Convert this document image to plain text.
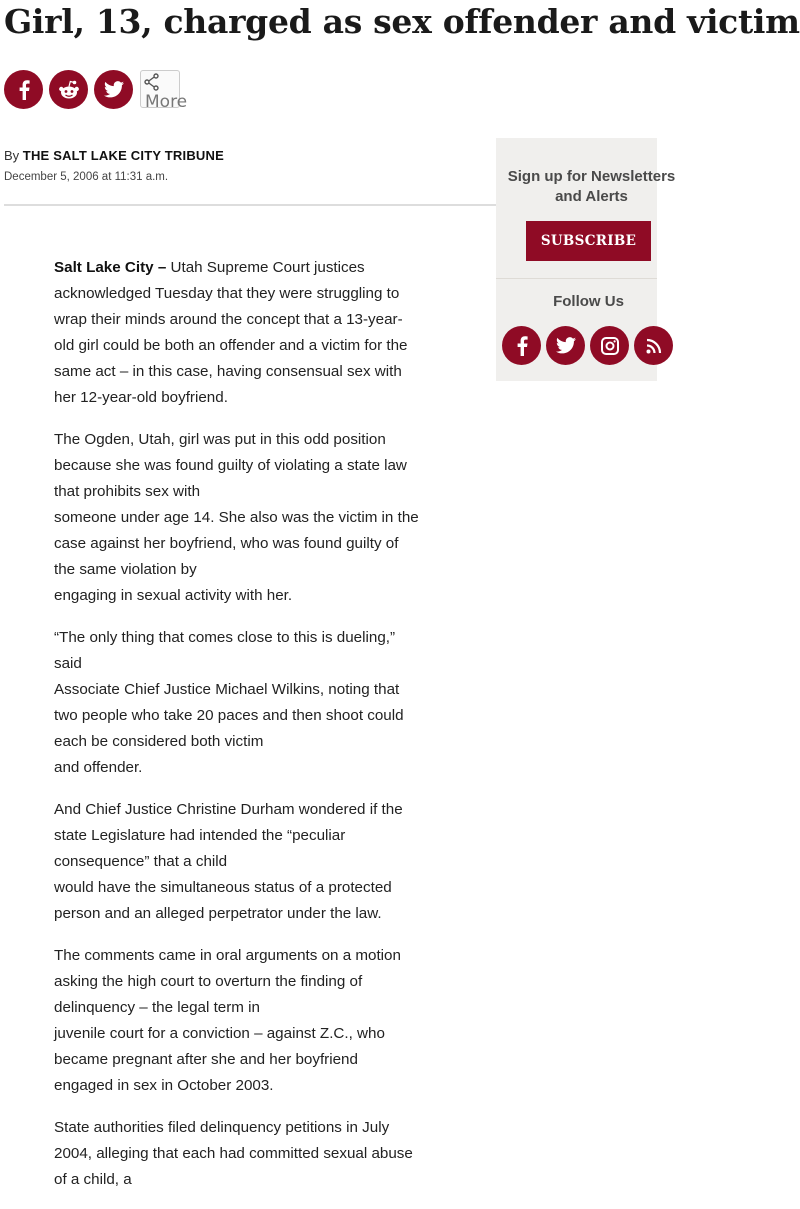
Girl, 13, charged as sex offender and victim
More
By THE SALT LAKE CITY TRIBUNE
December 5, 2006 at 11:31 a.m.	Sign up for Newsletters
and Alerts
SUBSCRIBE
Follow Us

Salt Lake City – Utah Supreme Court justices
acknowledged Tuesday that they were struggling to
wrap their minds around the concept that a 13-year-
old girl could be both an offender and a victim for the
same act – in this case, having consensual sex with
her 12-year-old boyfriend.

The Ogden, Utah, girl was put in this odd position
because she was found guilty of violating a state law
that prohibits sex with
someone under age 14. She also was the victim in the
case against her boyfriend, who was found guilty of
the same violation by
engaging in sexual activity with her.

“The only thing that comes close to this is dueling,”
said
Associate Chief Justice Michael Wilkins, noting that
two people who take 20 paces and then shoot could
each be considered both victim
and offender.

And Chief Justice Christine Durham wondered if the
state Legislature had intended the “peculiar
consequence” that a child
would have the simultaneous status of a protected
person and an alleged perpetrator under the law.

The comments came in oral arguments on a motion
asking the high court to overturn the finding of
delinquency – the legal term in
juvenile court for a conviction – against Z.C., who
became pregnant after she and her boyfriend
engaged in sex in October 2003.

State authorities filed delinquency petitions in July
2004, alleging that each had committed sexual abuse
of a child, a
